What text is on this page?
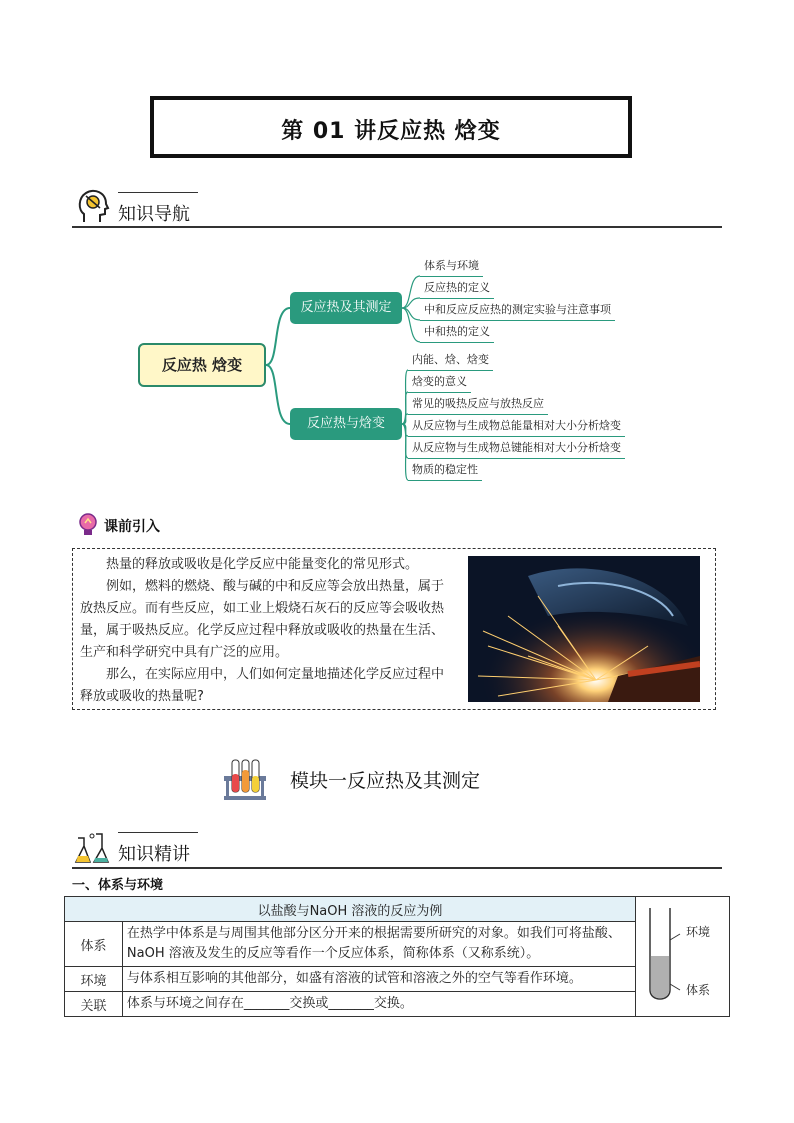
第 01 讲反应热 焓变
知识导航
反应热 焓变
反应热及其测定
反应热与焓变
体系与环境
反应热的定义
中和反应反应热的测定实验与注意事项
中和热的定义
内能、焓、焓变
焓变的意义
常见的吸热反应与放热反应
从反应物与生成物总能量相对大小分析焓变
从反应物与生成物总键能相对大小分析焓变
物质的稳定性
课前引入

热量的释放或吸收是化学反应中能量变化的常见形式。

例如，燃料的燃烧、酸与碱的中和反应等会放出热量，属于放热反应。而有些反应，如工业上煅烧石灰石的反应等会吸收热量，属于吸热反应。化学反应过程中释放或吸收的热量在生活、生产和科学研究中具有广泛的应用。

那么，在实际应用中，人们如何定量地描述化学反应过程中释放或吸收的热量呢?

模块一反应热及其测定
知识精讲
一、体系与环境
以盐酸与NaOH 溶液的反应为例		环境
体系

体系	在热学中体系是与周围其他部分区分开来的根据需要所研究的对象。如我们可将盐酸、NaOH 溶液及发生的反应等看作一个反应体系，简称体系（又称系统）。	
环境	与体系相互影响的其他部分，如盛有溶液的试管和溶液之外的空气等看作环境。	
关联	体系与环境之间存在_______交换或_______交换。	
